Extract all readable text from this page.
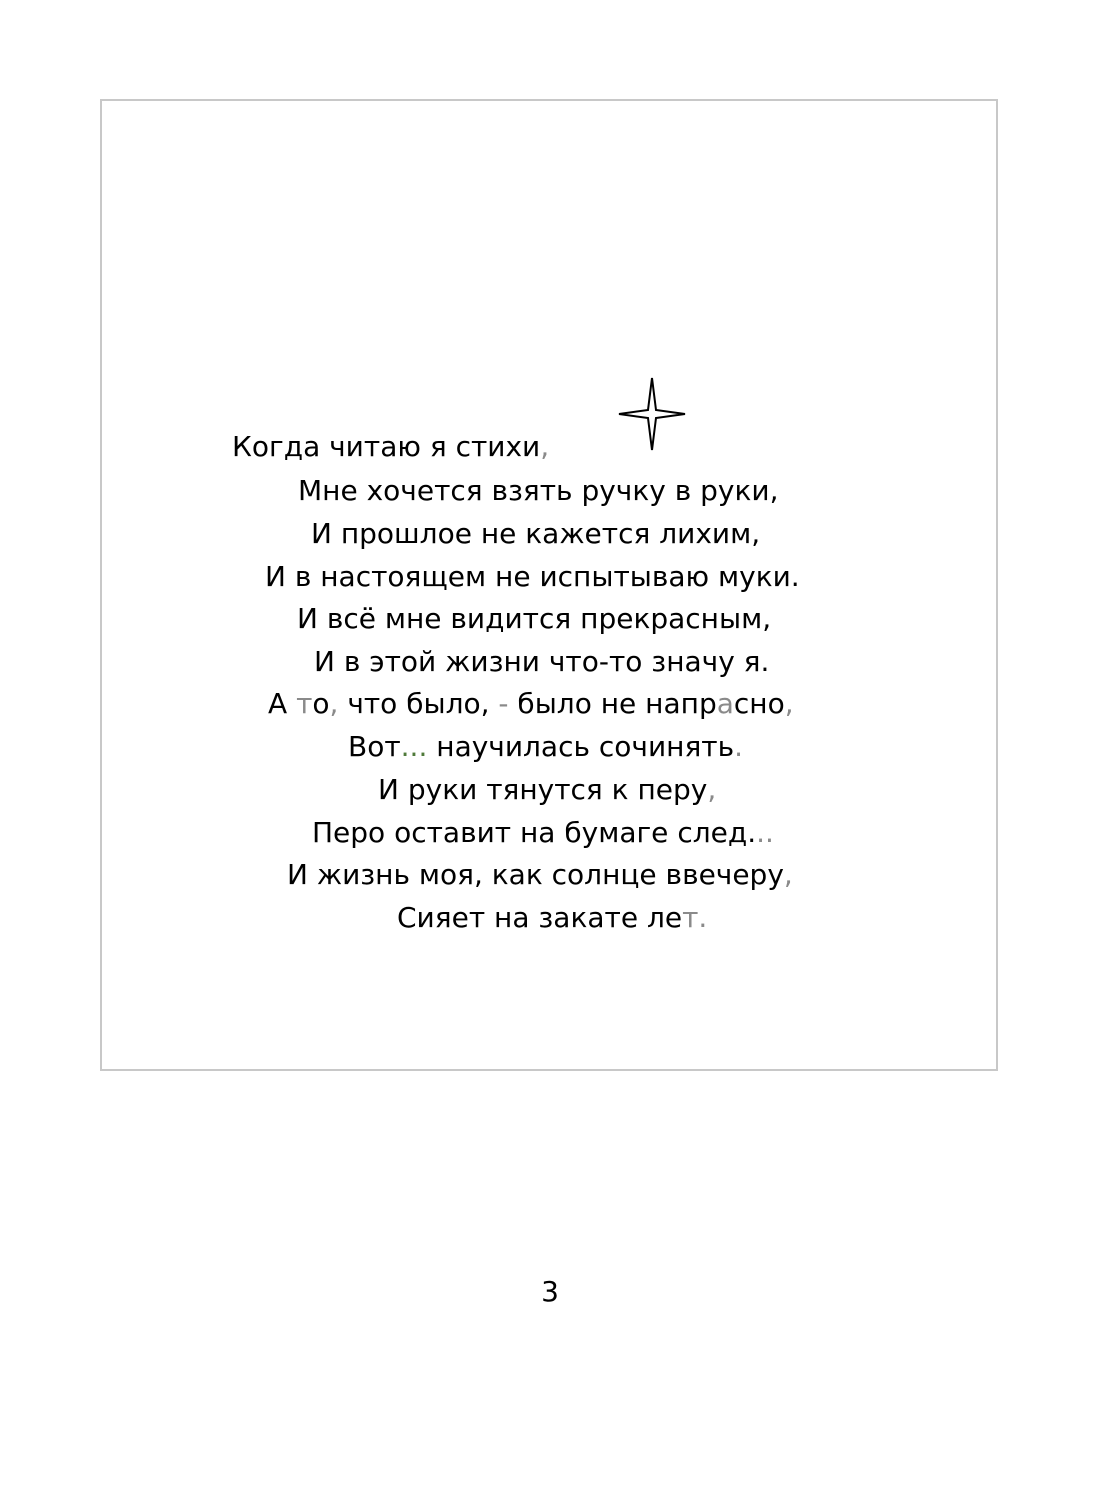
Когда читаю я стихи,
Мне хочется взять ручку в руки,
И прошлое не кажется лихим,
И в настоящем не испытываю муки.
И всё мне видится прекрасным,
И в этой жизни что-то значу я.
А то, что было, - было не напрасно,
Вот... научилась сочинять.
И руки тянутся к перу,
Перо оставит на бумаге след...
И жизнь моя, как солнце ввечеру,
Сияет на закате лет.
3
